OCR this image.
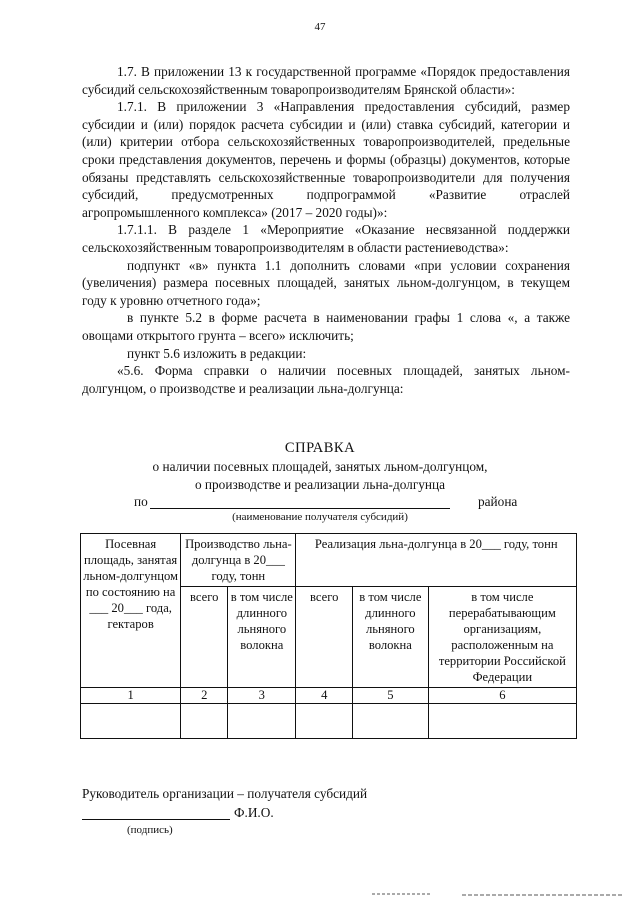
47

1.7. В приложении 13 к государственной программе «Порядок предоставления субсидий сельскохозяйственным товаропроизводителям Брянской области»:

1.7.1. В приложении 3 «Направления предоставления субсидий, размер субсидии и (или) порядок расчета субсидии и (или) ставка субсидий, категории и (или) критерии отбора сельскохозяйственных товаропроизводителей, предельные сроки представления документов, перечень и формы (образцы) документов, которые обязаны представлять сельскохозяйственные товаропроизводители для получения субсидий, предусмотренных подпрограммой «Развитие отраслей агропромышленного комплекса» (2017 – 2020 годы)»:

1.7.1.1. В разделе 1 «Мероприятие «Оказание несвязанной поддержки сельскохозяйственным товаропроизводителям в области растениеводства»:

подпункт «в» пункта 1.1 дополнить словами «при условии сохранения (увеличения) размера посевных площадей, занятых льном-долгунцом, в текущем году к уровню отчетного года»;

в пункте 5.2 в форме расчета в наименовании графы 1 слова «, а также овощами открытого грунта – всего» исключить;

пункт 5.6 изложить в редакции:

«5.6. Форма справки о наличии посевных площадей, занятых льном-долгунцом, о производстве и реализации льна-долгунца:

СПРАВКА
о наличии посевных площадей, занятых льном-долгунцом,
о производстве и реализации льна-долгунца
по	района
(наименование получателя субсидий)
Посевная площадь, занятая льном-долгунцом по состоянию на ___ 20___ года, гектаров	Производство льна-долгунца в 20___ году, тонн		Реализация льна-долгунца в 20___ году, тонн		
	всего	в том числе длинного льняного волокна	всего	в том числе длинного льняного волокна	в том числе перерабатывающим организациям, расположенным на территории Российской Федерации
1	2	3	4	5	6

Руководитель организации – получателя субсидий
Ф.И.О.
(подпись)
